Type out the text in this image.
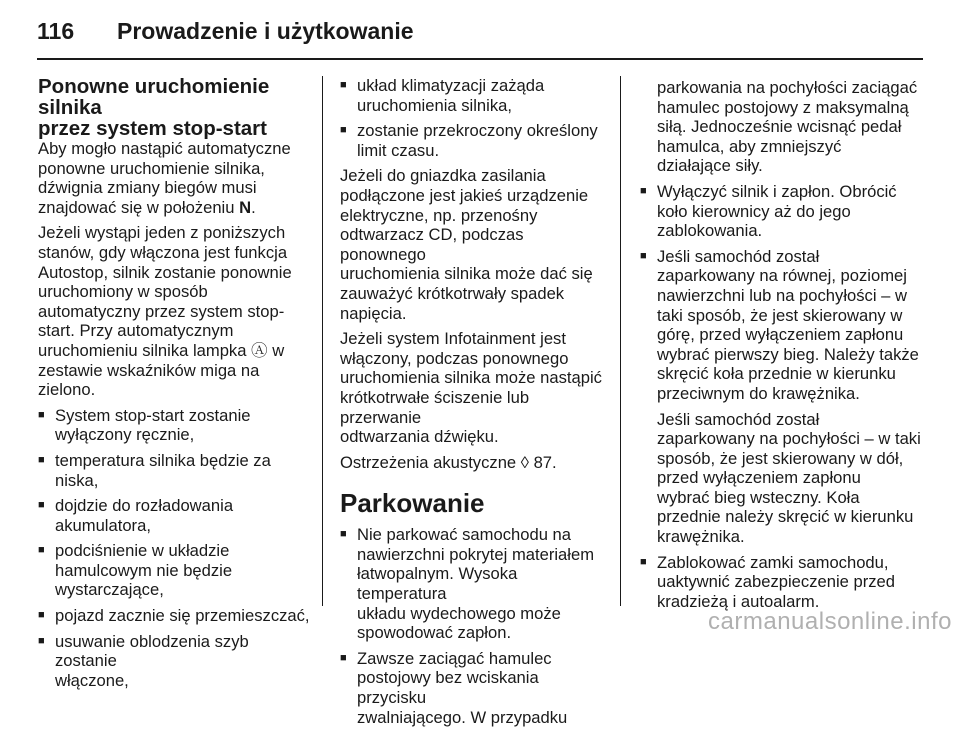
116 Prowadzenie i użytkowanie
Ponowne uruchomienie silnika
przez system stop-start

Aby mogło nastąpić automatyczne
ponowne uruchomienie silnika,
dźwignia zmiany biegów musi
znajdować się w położeniu N.

Jeżeli wystąpi jeden z poniższych
stanów, gdy włączona jest funkcja
Autostop, silnik zostanie ponownie
uruchomiony w sposób
automatyczny przez system stop-
start. Przy automatycznym
uruchomieniu silnika lampka Ⓐ w
zestawie wskaźników miga na
zielono.

■ System stop-start zostanie
wyłączony ręcznie,
■ temperatura silnika będzie za
niska,
■ dojdzie do rozładowania
akumulatora,
■ podciśnienie w układzie
hamulcowym nie będzie
wystarczające,
■ pojazd zacznie się przemieszczać,
■ usuwanie oblodzenia szyb zostanie
włączone,
■ układ klimatyzacji zażąda
uruchomienia silnika,
■ zostanie przekroczony określony
limit czasu.

Jeżeli do gniazdka zasilania
podłączone jest jakieś urządzenie
elektryczne, np. przenośny
odtwarzacz CD, podczas ponownego
uruchomienia silnika może dać się
zauważyć krótkotrwały spadek
napięcia.

Jeżeli system Infotainment jest
włączony, podczas ponownego
uruchomienia silnika może nastąpić
krótkotrwałe ściszenie lub przerwanie
odtwarzania dźwięku.

Ostrzeżenia akustyczne ◊ 87.

Parkowanie
■ Nie parkować samochodu na
nawierzchni pokrytej materiałem
łatwopalnym. Wysoka temperatura
układu wydechowego może
spowodować zapłon.
■ Zawsze zaciągać hamulec
postojowy bez wciskania przycisku
zwalniającego. W przypadku

parkowania na pochyłości zaciągać
hamulec postojowy z maksymalną
siłą. Jednocześnie wcisnąć pedał
hamulca, aby zmniejszyć
działające siły.

■ Wyłączyć silnik i zapłon. Obrócić
koło kierownicy aż do jego
zablokowania.
■ Jeśli samochód został
zaparkowany na równej, poziomej
nawierzchni lub na pochyłości – w
taki sposób, że jest skierowany w
górę, przed wyłączeniem zapłonu
wybrać pierwszy bieg. Należy także
skręcić koła przednie w kierunku
przeciwnym do krawężnika.

Jeśli samochód został
zaparkowany na pochyłości – w taki
sposób, że jest skierowany w dół,
przed wyłączeniem zapłonu
wybrać bieg wsteczny. Koła
przednie należy skręcić w kierunku
krawężnika.

■ Zablokować zamki samochodu,
uaktywnić zabezpieczenie przed
kradzieżą i autoalarm.
carmanualsonline.info
